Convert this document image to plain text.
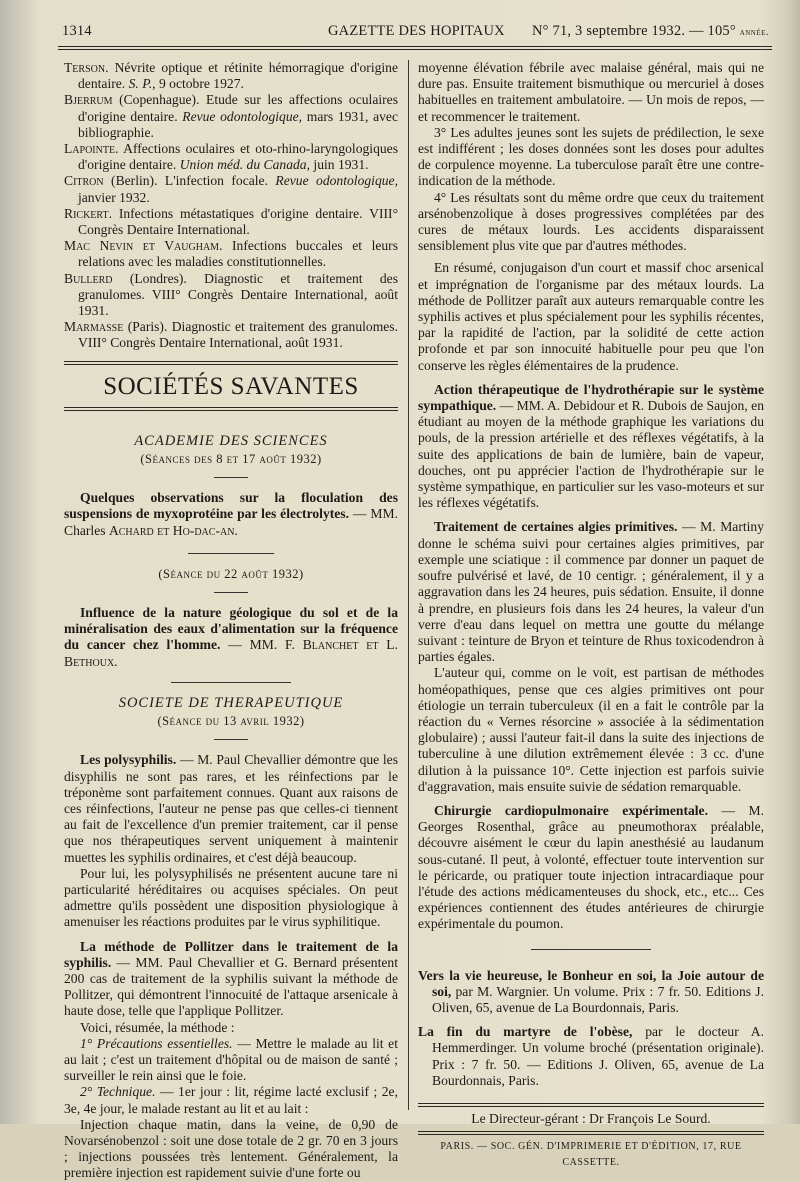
1314	GAZETTE DES HOPITAUX N° 71, 3 septembre 1932. — 105° année.

Terson. Névrite optique et rétinite hémorragique d'origine dentaire. S. P., 9 octobre 1927.

Bjerrum (Copenhague). Etude sur les affections oculaires d'origine dentaire. Revue odontologique, mars 1931, avec bibliographie.

Lapointe. Affections oculaires et oto-rhino-laryngologiques d'origine dentaire. Union méd. du Canada, juin 1931.

Citron (Berlin). L'infection focale. Revue odontologique, janvier 1932.

Rickert. Infections métastatiques d'origine dentaire. VIII° Congrès Dentaire International.

Mac Nevin et Vaugham. Infections buccales et leurs relations avec les maladies constitutionnelles.

Bullerd (Londres). Diagnostic et traitement des granulomes. VIII° Congrès Dentaire International, août 1931.

Marmasse (Paris). Diagnostic et traitement des granulomes. VIII° Congrès Dentaire International, août 1931.

SOCIÉTÉS SAVANTES
ACADEMIE DES SCIENCES
(Séances des 8 et 17 août 1932)

Quelques observations sur la floculation des suspensions de myxoprotéine par les électrolytes. — MM. Charles Achard et Ho-dac-an.

(Séance du 22 août 1932)

Influence de la nature géologique du sol et de la minéralisation des eaux d'alimentation sur la fréquence du cancer chez l'homme. — MM. F. Blanchet et L. Bethoux.

SOCIETE DE THERAPEUTIQUE
(Séance du 13 avril 1932)

Les polysyphilis. — M. Paul Chevallier démontre que les disyphilis ne sont pas rares, et les réinfections par le tréponème sont parfaitement connues. Quant aux raisons de ces réinfections, l'auteur ne pense pas que celles-ci tiennent au fait de l'excellence d'un premier traitement, car il pense que nos thérapeutiques servent uniquement à maintenir muettes les syphilis ordinaires, et c'est déjà beaucoup.

Pour lui, les polysyphilisés ne présentent aucune tare ni particularité héréditaires ou acquises spéciales. On peut admettre qu'ils possèdent une disposition physiologique à amenuiser les réactions produites par le virus syphilitique.

La méthode de Pollitzer dans le traitement de la syphilis. — MM. Paul Chevallier et G. Bernard présentent 200 cas de traitement de la syphilis suivant la méthode de Pollitzer, qui démontrent l'innocuité de l'attaque arsenicale à haute dose, telle que l'applique Pollitzer.

Voici, résumée, la méthode :

1° Précautions essentielles. — Mettre le malade au lit et au lait ; c'est un traitement d'hôpital ou de maison de santé ; surveiller le rein ainsi que le foie.

2° Technique. — 1er jour : lit, régime lacté exclusif ; 2e, 3e, 4e jour, le malade restant au lit et au lait :

Injection chaque matin, dans la veine, de 0,90 de Novarsénobenzol : soit une dose totale de 2 gr. 70 en 3 jours ; injections poussées très lentement. Généralement, la première injection est rapidement suivie d'une forte ou

moyenne élévation fébrile avec malaise général, mais qui ne dure pas. Ensuite traitement bismuthique ou mercuriel à doses habituelles en traitement ambulatoire. — Un mois de repos, — et recommencer le traitement.

3° Les adultes jeunes sont les sujets de prédilection, le sexe est indifférent ; les doses données sont les doses pour adultes de corpulence moyenne. La tuberculose paraît être une contre-indication de la méthode.

4° Les résultats sont du même ordre que ceux du traitement arsénobenzolique à doses progressives complétées par des cures de métaux lourds. Les accidents disparaissent sensiblement plus vite que par d'autres méthodes.

En résumé, conjugaison d'un court et massif choc arsenical et imprégnation de l'organisme par des métaux lourds. La méthode de Pollitzer paraît aux auteurs remarquable contre les syphilis actives et plus spécialement pour les syphilis récentes, par la rapidité de l'action, par la solidité de cette action profonde et par son innocuité habituelle pour peu que l'on conserve les règles élémentaires de la prudence.

Action thérapeutique de l'hydrothérapie sur le système sympathique. — MM. A. Debidour et R. Dubois de Saujon, en étudiant au moyen de la méthode graphique les variations du pouls, de la pression artérielle et des réflexes végétatifs, à la suite des applications de bain de lumière, bain de vapeur, douches, ont pu apprécier l'action de l'hydrothérapie sur le système sympathique, en particulier sur les vaso-moteurs et sur les réflexes végétatifs.

Traitement de certaines algies primitives. — M. Martiny donne le schéma suivi pour certaines algies primitives, par exemple une sciatique : il commence par donner un paquet de soufre pulvérisé et lavé, de 10 centigr. ; généralement, il y a aggravation dans les 24 heures, puis sédation. Ensuite, il donne à prendre, en plusieurs fois dans les 24 heures, la valeur d'un verre d'eau dans lequel on mettra une goutte du mélange suivant : teinture de Bryon et teinture de Rhus toxicodendron à parties égales.

L'auteur qui, comme on le voit, est partisan de méthodes homéopathiques, pense que ces algies primitives ont pour étiologie un terrain tuberculeux (il en a fait le contrôle par la réaction du « Vernes résorcine » associée à la sédimentation globulaire) ; aussi l'auteur fait-il dans la suite des injections de tuberculine à une dilution extrêmement élevée : 3 cc. d'une dilution à la puissance 10°. Cette injection est parfois suivie d'aggravation, mais ensuite suivie de sédation remarquable.

Chirurgie cardiopulmonaire expérimentale. — M. Georges Rosenthal, grâce au pneumothorax préalable, découvre aisément le cœur du lapin anesthésié au laudanum sous-cutané. Il peut, à volonté, effectuer toute intervention sur le péricarde, ou pratiquer toute injection intracardiaque pour l'étude des actions médicamenteuses du shock, etc., etc... Ces expériences contiennent des études antérieures de chirurgie expérimentale du poumon.

Vers la vie heureuse, le Bonheur en soi, la Joie autour de soi, par M. Wargnier. Un volume. Prix : 7 fr. 50. Editions J. Oliven, 65, avenue de La Bourdonnais, Paris.

La fin du martyre de l'obèse, par le docteur A. Hemmerdinger. Un volume broché (présentation originale). Prix : 7 fr. 50. — Editions J. Oliven, 65, avenue de La Bourdonnais, Paris.

Le Directeur-gérant : Dr François Le Sourd.
PARIS. — SOC. GÉN. D'IMPRIMERIE ET D'ÉDITION, 17, RUE CASSETTE.
